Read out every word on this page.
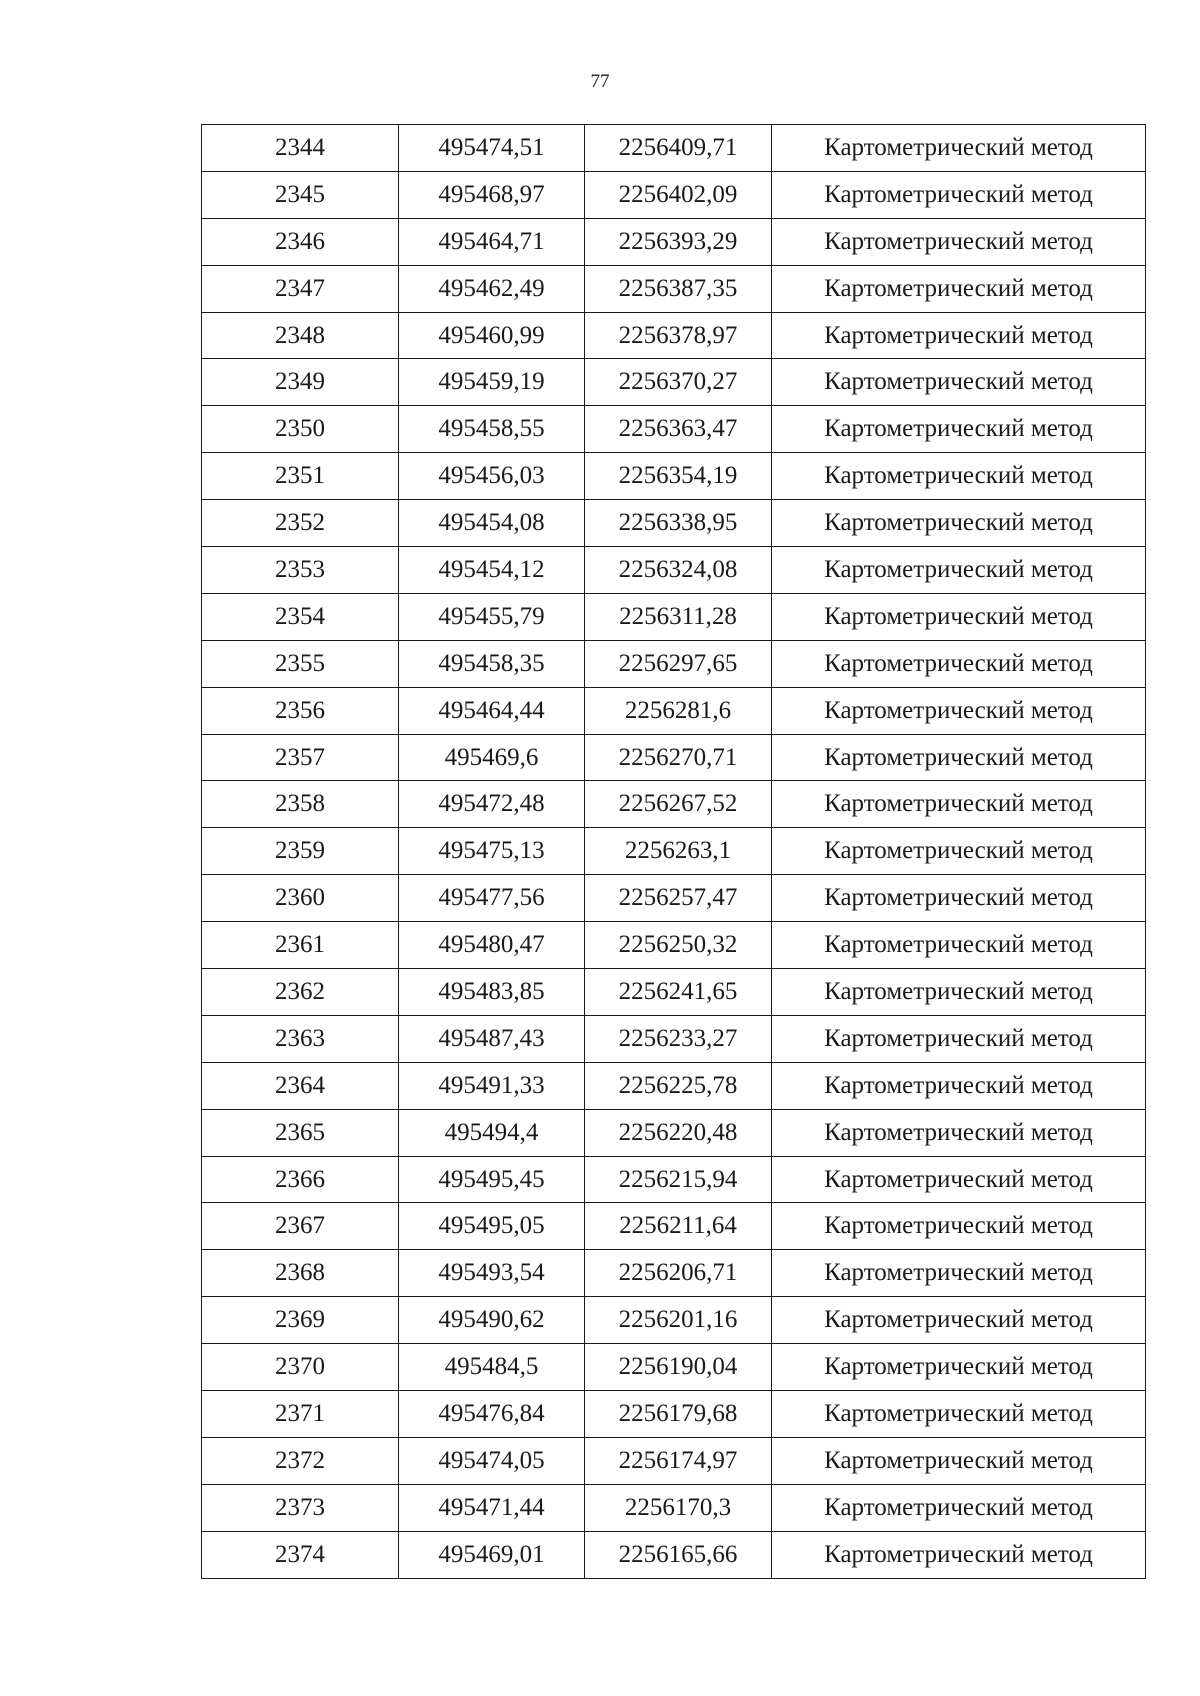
77
2344	495474,51	2256409,71	Картометрический метод
2345	495468,97	2256402,09	Картометрический метод
2346	495464,71	2256393,29	Картометрический метод
2347	495462,49	2256387,35	Картометрический метод
2348	495460,99	2256378,97	Картометрический метод
2349	495459,19	2256370,27	Картометрический метод
2350	495458,55	2256363,47	Картометрический метод
2351	495456,03	2256354,19	Картометрический метод
2352	495454,08	2256338,95	Картометрический метод
2353	495454,12	2256324,08	Картометрический метод
2354	495455,79	2256311,28	Картометрический метод
2355	495458,35	2256297,65	Картометрический метод
2356	495464,44	2256281,6	Картометрический метод
2357	495469,6	2256270,71	Картометрический метод
2358	495472,48	2256267,52	Картометрический метод
2359	495475,13	2256263,1	Картометрический метод
2360	495477,56	2256257,47	Картометрический метод
2361	495480,47	2256250,32	Картометрический метод
2362	495483,85	2256241,65	Картометрический метод
2363	495487,43	2256233,27	Картометрический метод
2364	495491,33	2256225,78	Картометрический метод
2365	495494,4	2256220,48	Картометрический метод
2366	495495,45	2256215,94	Картометрический метод
2367	495495,05	2256211,64	Картометрический метод
2368	495493,54	2256206,71	Картометрический метод
2369	495490,62	2256201,16	Картометрический метод
2370	495484,5	2256190,04	Картометрический метод
2371	495476,84	2256179,68	Картометрический метод
2372	495474,05	2256174,97	Картометрический метод
2373	495471,44	2256170,3	Картометрический метод
2374	495469,01	2256165,66	Картометрический метод
